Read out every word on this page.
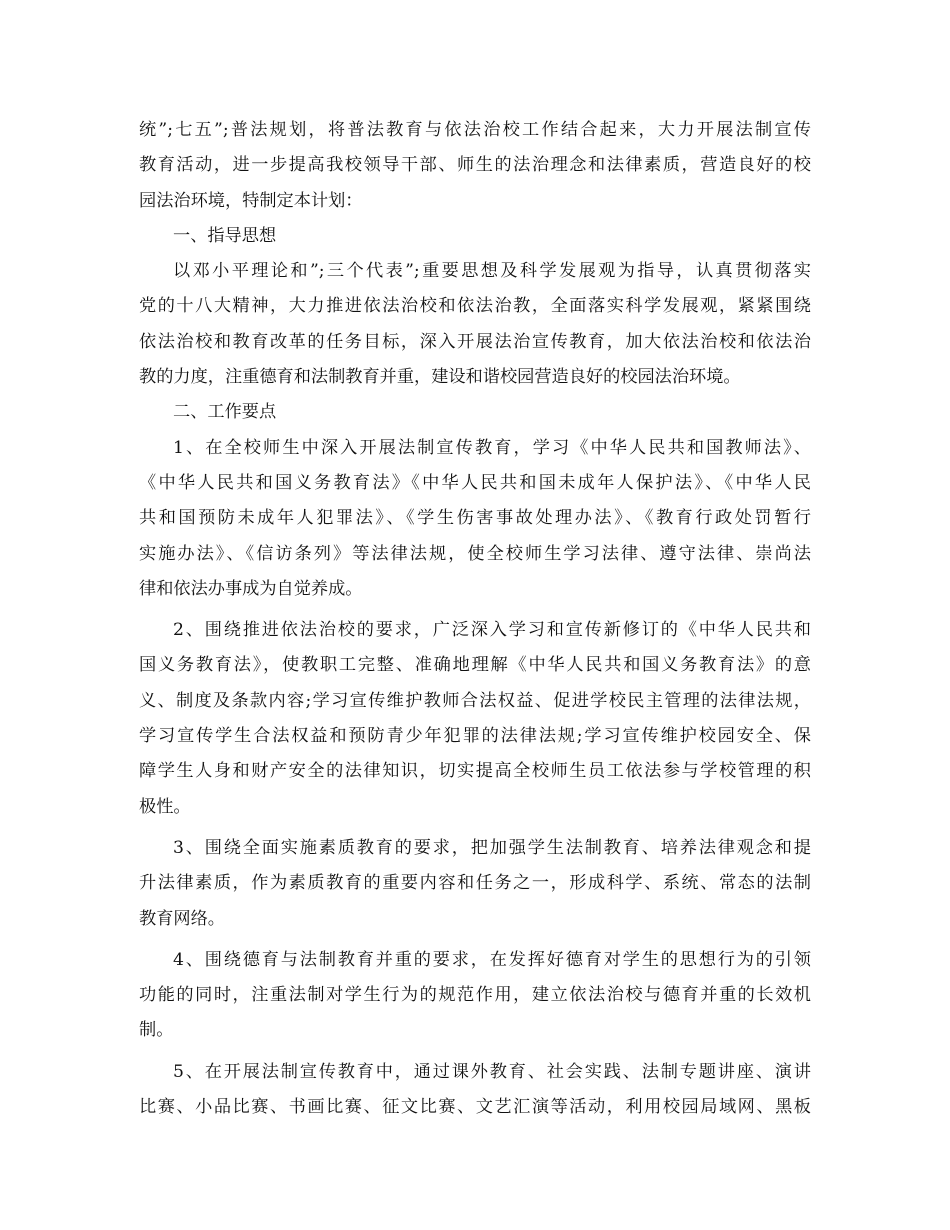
统”;七五”;普法规划，将普法教育与依法治校工作结合起来，大力开展法制宣传
教育活动，进一步提高我校领导干部、师生的法治理念和法律素质，营造良好的校
园法治环境，特制定本计划：
一、指导思想
以邓小平理论和”;三个代表”;重要思想及科学发展观为指导，认真贯彻落实
党的十八大精神，大力推进依法治校和依法治教，全面落实科学发展观，紧紧围绕
依法治校和教育改革的任务目标，深入开展法治宣传教育，加大依法治校和依法治
教的力度，注重德育和法制教育并重，建设和谐校园营造良好的校园法治环境。
二、工作要点
1、在全校师生中深入开展法制宣传教育，学习《中华人民共和国教师法》、
《中华人民共和国义务教育法》《中华人民共和国未成年人保护法》、《中华人民
共和国预防未成年人犯罪法》、《学生伤害事故处理办法》、《教育行政处罚暂行
实施办法》、《信访条列》等法律法规，使全校师生学习法律、遵守法律、崇尚法
律和依法办事成为自觉养成。
2、围绕推进依法治校的要求，广泛深入学习和宣传新修订的《中华人民共和
国义务教育法》，使教职工完整、准确地理解《中华人民共和国义务教育法》的意
义、制度及条款内容;学习宣传维护教师合法权益、促进学校民主管理的法律法规，
学习宣传学生合法权益和预防青少年犯罪的法律法规;学习宣传维护校园安全、保
障学生人身和财产安全的法律知识，切实提高全校师生员工依法参与学校管理的积
极性。
3、围绕全面实施素质教育的要求，把加强学生法制教育、培养法律观念和提
升法律素质，作为素质教育的重要内容和任务之一，形成科学、系统、常态的法制
教育网络。
4、围绕德育与法制教育并重的要求，在发挥好德育对学生的思想行为的引领
功能的同时，注重法制对学生行为的规范作用，建立依法治校与德育并重的长效机
制。
5、在开展法制宣传教育中，通过课外教育、社会实践、法制专题讲座、演讲
比赛、小品比赛、书画比赛、征文比赛、文艺汇演等活动，利用校园局域网、黑板
